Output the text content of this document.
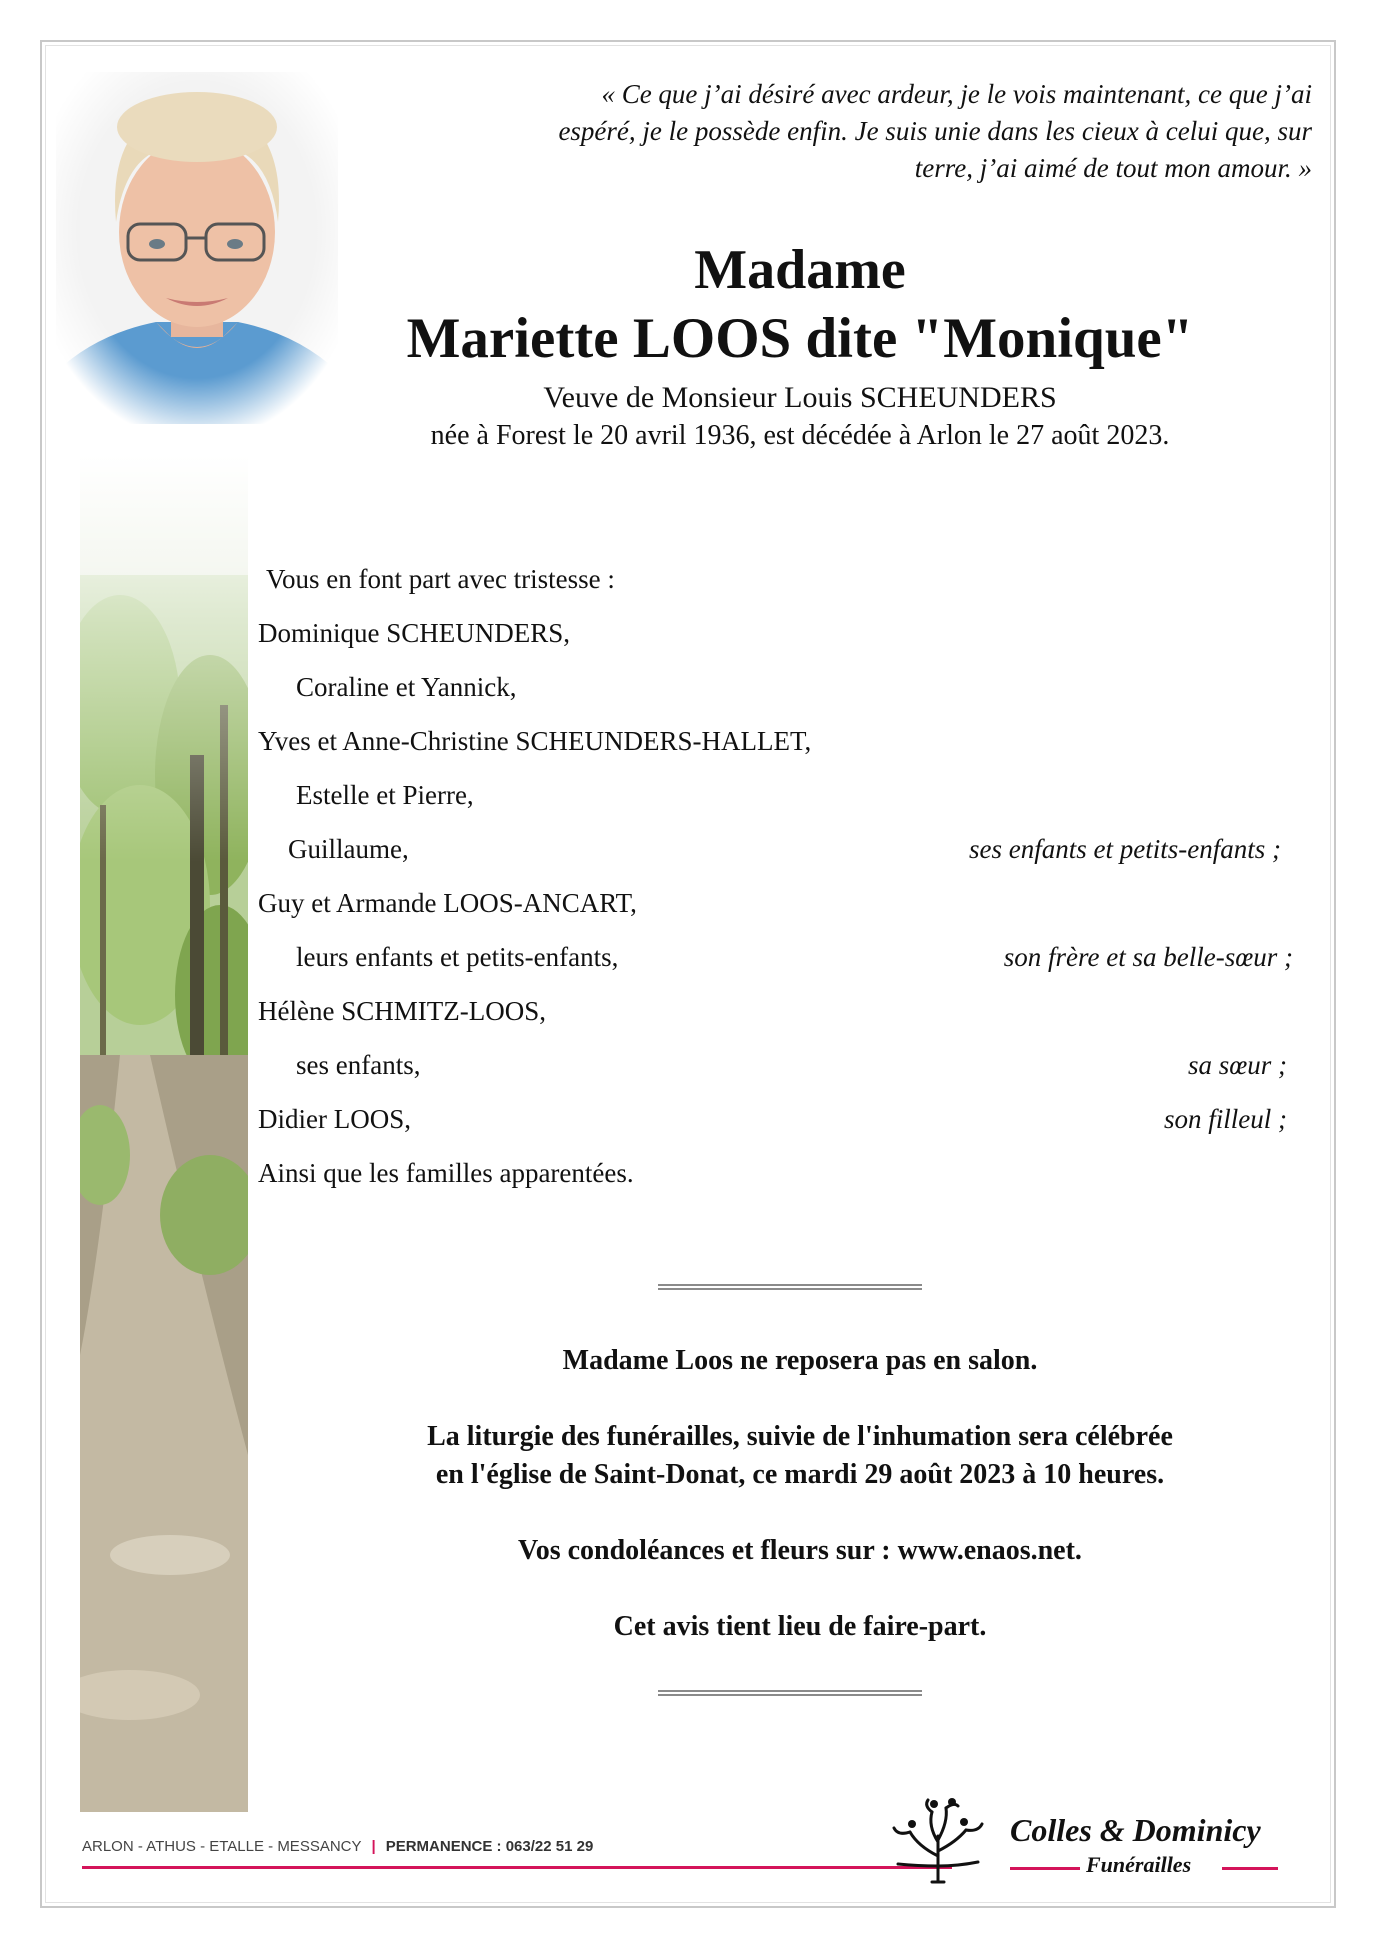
« Ce que j’ai désiré avec ardeur, je le vois maintenant, ce que j’ai
espéré, je le possède enfin. Je suis unie dans les cieux à celui que, sur
terre, j’ai aimé de tout mon amour. »
Madame
Mariette LOOS dite "Monique"
Veuve de Monsieur Louis SCHEUNDERS
née à Forest le 20 avril 1936, est décédée à Arlon le 27 août 2023.
Vous en font part avec tristesse :
Dominique SCHEUNDERS,
Coraline et Yannick,
Yves et Anne-Christine SCHEUNDERS-HALLET,
Estelle et Pierre,
Guillaume,
Guy et Armande LOOS-ANCART,
leurs enfants et petits-enfants,
Hélène SCHMITZ-LOOS,
ses enfants,
Didier LOOS,
Ainsi que les familles apparentées.
ses enfants et petits-enfants ;
son frère et sa belle-sœur ;
sa sœur ;
son filleul ;
Madame Loos ne reposera pas en salon.
La liturgie des funérailles, suivie de l'inhumation sera célébrée
en l'église de Saint-Donat, ce mardi 29 août 2023 à 10 heures.
Vos condoléances et fleurs sur : www.enaos.net.
Cet avis tient lieu de faire-part.
ARLON - ATHUS - ETALLE - MESSANCY | PERMANENCE : 063/22 51 29	Colles & Dominicy
Funérailles
